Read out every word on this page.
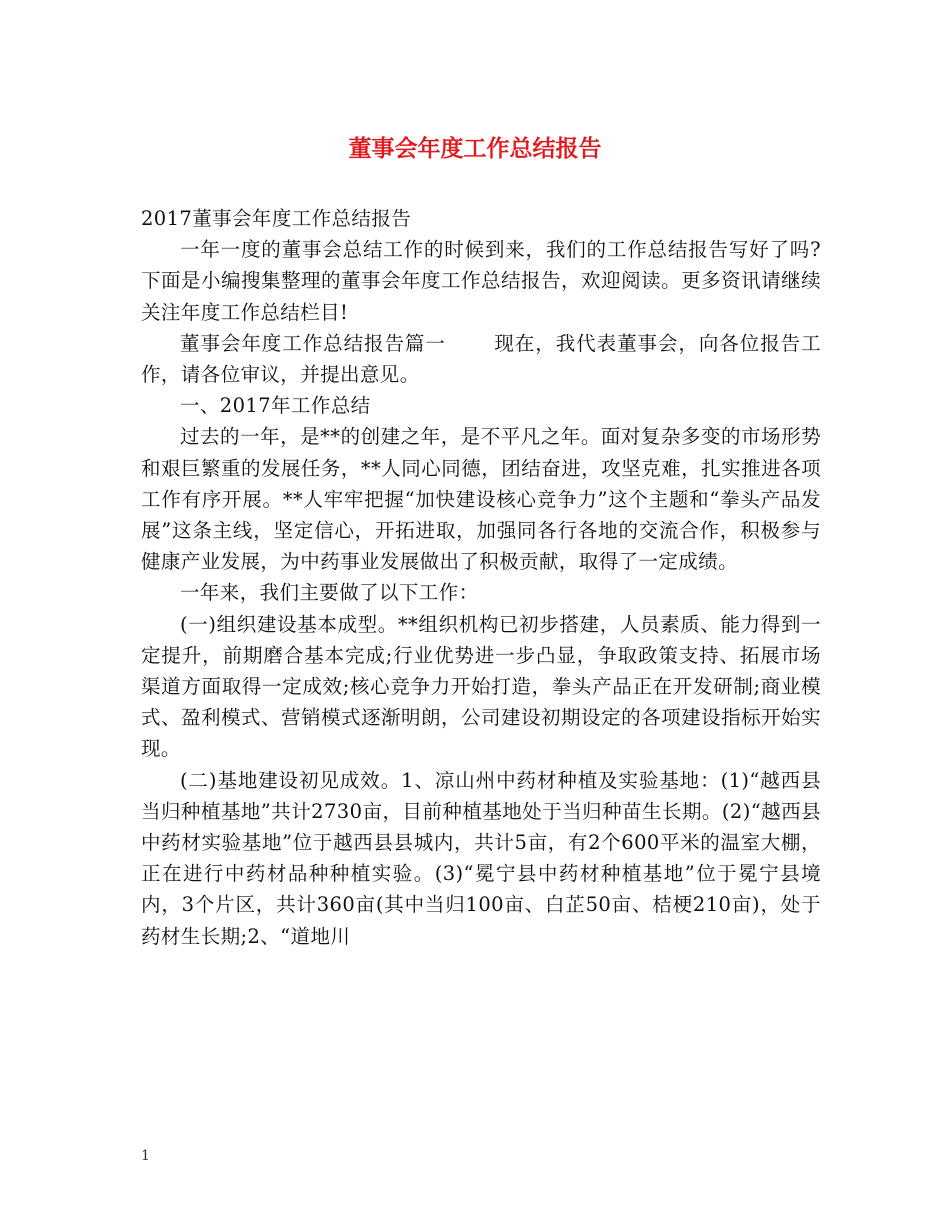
董事会年度工作总结报告

2017董事会年度工作总结报告

一年一度的董事会总结工作的时候到来，我们的工作总结报告写好了吗?下面是小编搜集整理的董事会年度工作总结报告，欢迎阅读。更多资讯请继续关注年度工作总结栏目!

董事会年度工作总结报告篇一 现在，我代表董事会，向各位报告工作，请各位审议，并提出意见。

一、2017年工作总结

过去的一年，是**的创建之年，是不平凡之年。面对复杂多变的市场形势和艰巨繁重的发展任务，**人同心同德，团结奋进，攻坚克难，扎实推进各项工作有序开展。**人牢牢把握“加快建设核心竞争力”这个主题和“拳头产品发展”这条主线，坚定信心，开拓进取，加强同各行各地的交流合作，积极参与健康产业发展，为中药事业发展做出了积极贡献，取得了一定成绩。

一年来，我们主要做了以下工作：

(一)组织建设基本成型。**组织机构已初步搭建，人员素质、能力得到一定提升，前期磨合基本完成;行业优势进一步凸显，争取政策支持、拓展市场渠道方面取得一定成效;核心竞争力开始打造，拳头产品正在开发研制;商业模式、盈利模式、营销模式逐渐明朗，公司建设初期设定的各项建设指标开始实现。

(二)基地建设初见成效。1、凉山州中药材种植及实验基地：(1)“越西县当归种植基地”共计2730亩，目前种植基地处于当归种苗生长期。(2)“越西县中药材实验基地”位于越西县县城内，共计5亩，有2个600平米的温室大棚，正在进行中药材品种种植实验。(3)“冕宁县中药材种植基地”位于冕宁县境内，3个片区，共计360亩(其中当归100亩、白芷50亩、桔梗210亩)，处于药材生长期;2、“道地川

1
